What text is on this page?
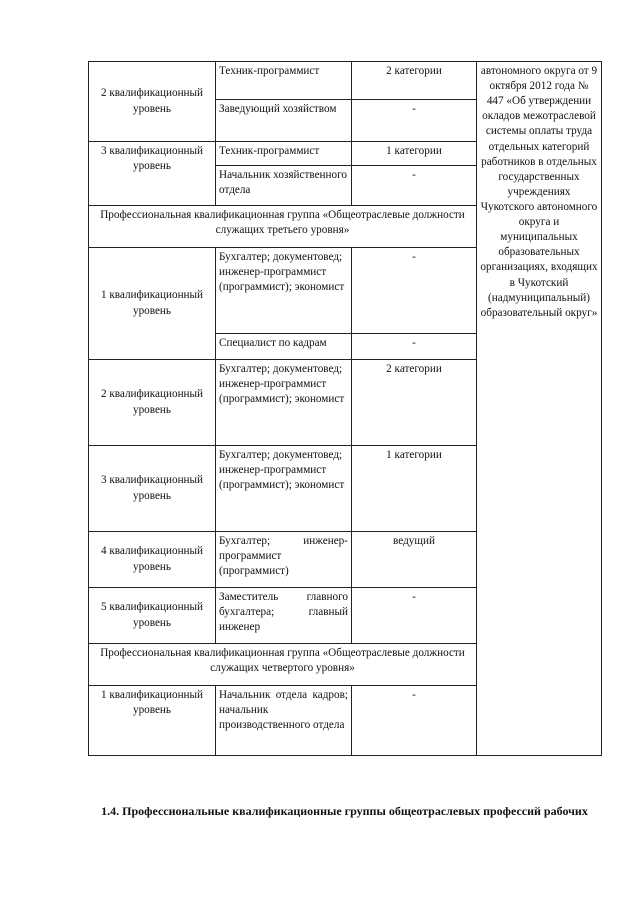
2 квалификационный уровень	Техник-программист	2 категории	автономного округа от 9 октября 2012 года № 447 «Об утверждении окладов межотраслевой системы оплаты труда отдельных категорий работников в отдельных государственных учреждениях Чукотского автономного округа и муниципальных образовательных организациях, входящих в Чукотский (надмуниципальный) образовательный округ»
	Заведующий хозяйством	-	
3 квалификационный уровень	Техник-программист	1 категории	
	Начальник хозяйственного отдела	-	
Профессиональная квалификационная группа «Общеотраслевые должности служащих третьего уровня»			
1 квалификационный уровень	Бухгалтер; документовед; инженер-программист (программист); экономист	-	
	Специалист по кадрам	-	
2 квалификационный уровень	Бухгалтер; документовед; инженер-программист (программист); экономист	2 категории	
3 квалификационный уровень	Бухгалтер; документовед; инженер-программист (программист); экономист	1 категории	
4 квалификационный уровень	Бухгалтер; инженер-программист (программист)	ведущий	
5 квалификационный уровень	Заместитель главного бухгалтера; главный инженер	-	
Профессиональная квалификационная группа «Общеотраслевые должности служащих четвертого уровня»			
1 квалификационный уровень	Начальник отдела кадров; начальник производственного отдела	-	
1.4. Профессиональные квалификационные группы общеотраслевых профессий рабочих
